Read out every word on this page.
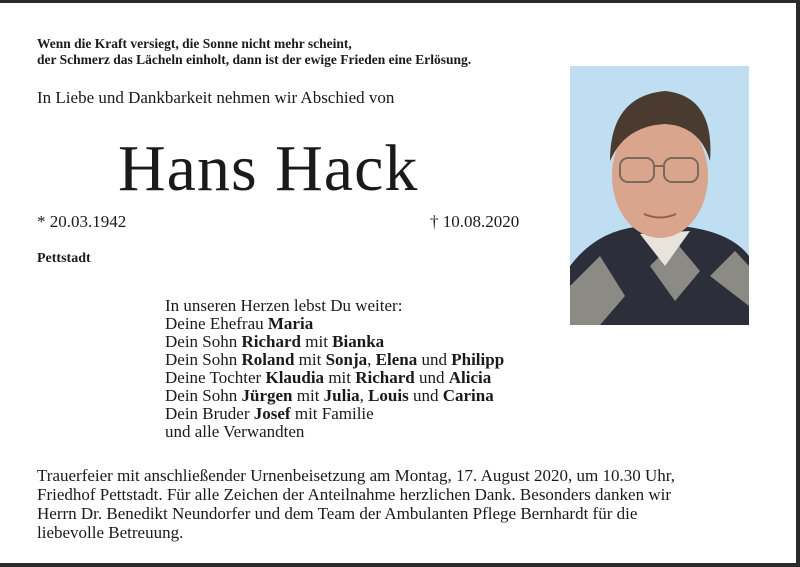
Wenn die Kraft versiegt, die Sonne nicht mehr scheint,
der Schmerz das Lächeln einholt, dann ist der ewige Frieden eine Erlösung.
In Liebe und Dankbarkeit nehmen wir Abschied von
Hans Hack
* 20.03.1942	† 10.08.2020
Pettstadt
In unseren Herzen lebst Du weiter:
Deine Ehefrau Maria
Dein Sohn Richard mit Bianka
Dein Sohn Roland mit Sonja, Elena und Philipp
Deine Tochter Klaudia mit Richard und Alicia
Dein Sohn Jürgen mit Julia, Louis und Carina
Dein Bruder Josef mit Familie
und alle Verwandten
Trauerfeier mit anschließender Urnenbeisetzung am Montag, 17. August 2020, um 10.30 Uhr,
Friedhof Pettstadt. Für alle Zeichen der Anteilnahme herzlichen Dank. Besonders danken wir
Herrn Dr. Benedikt Neundorfer und dem Team der Ambulanten Pflege Bernhardt für die
liebevolle Betreuung.
